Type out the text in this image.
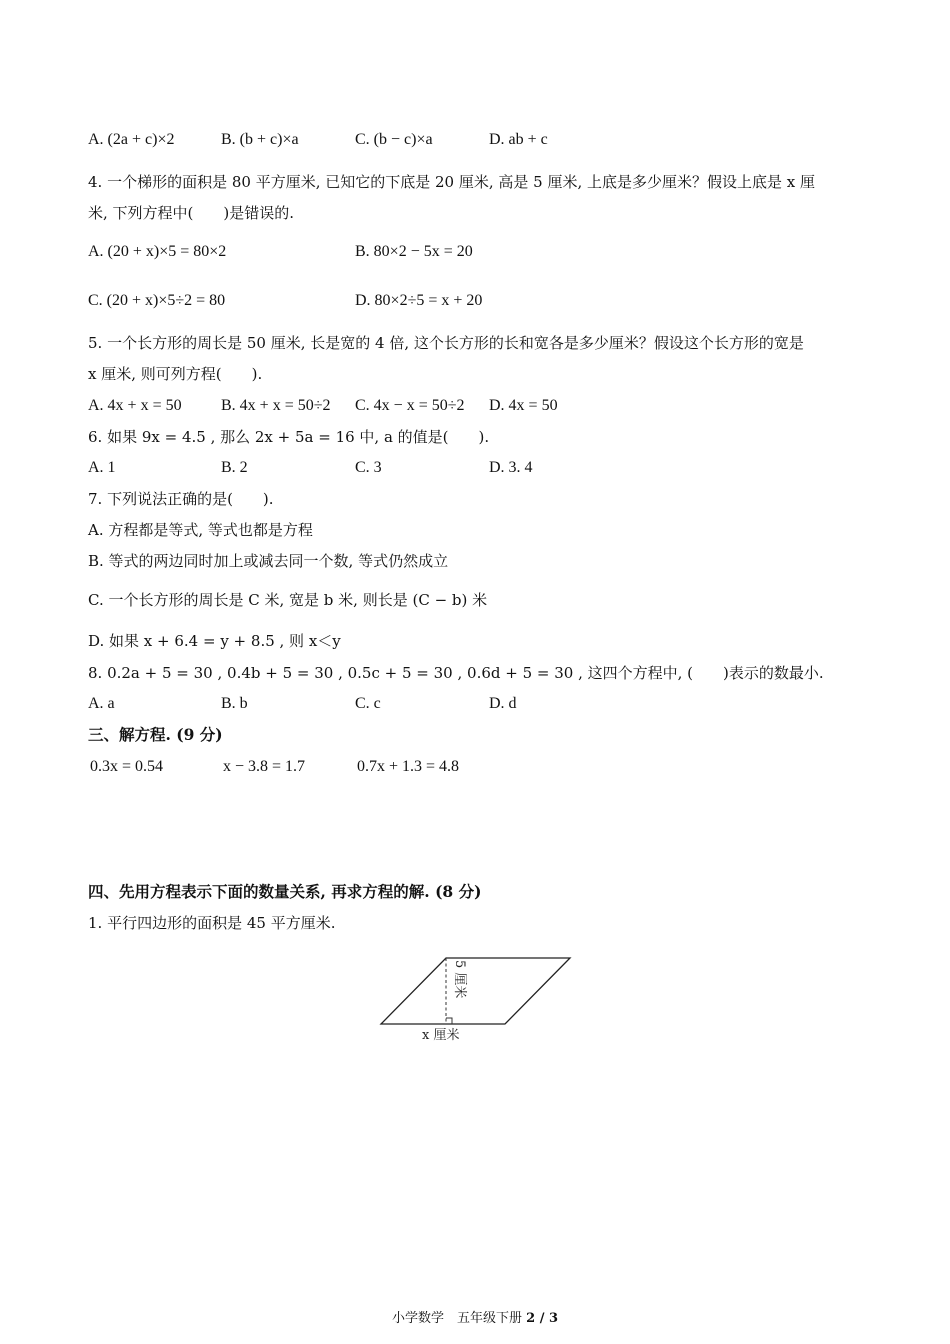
A. (2a + c)×2	B. (b + c)×a	C. (b − c)×a	D. ab + c
4. 一个梯形的面积是 80 平方厘米, 已知它的下底是 20 厘米, 高是 5 厘米, 上底是多少厘米？假设上底是 x 厘
米, 下列方程中(　　)是错误的.
A. (20 + x)×5 = 80×2	B. 80×2 − 5x = 20
C. (20 + x)×5÷2 = 80	D. 80×2÷5 = x + 20
5. 一个长方形的周长是 50 厘米, 长是宽的 4 倍, 这个长方形的长和宽各是多少厘米？假设这个长方形的宽是
x 厘米, 则可列方程(　　).
A. 4x + x = 50 B. 4x + x = 50÷2 C. 4x − x = 50÷2 D. 4x = 50
6. 如果 9x = 4.5 , 那么 2x + 5a = 16 中, a 的值是(　　).
A. 1	B. 2	C. 3	D. 3. 4
7. 下列说法正确的是(　　).
A. 方程都是等式, 等式也都是方程
B. 等式的两边同时加上或减去同一个数, 等式仍然成立
C. 一个长方形的周长是 C 米, 宽是 b 米, 则长是 (C − b) 米
D. 如果 x + 6.4 = y + 8.5 , 则 x＜y
8. 0.2a + 5 = 30 , 0.4b + 5 = 30 , 0.5c + 5 = 30 , 0.6d + 5 = 30 , 这四个方程中, (　　)表示的数最小.
A. a	B. b	C. c	D. d
三、解方程. (9 分)
0.3x = 0.54	x − 3.8 = 1.7	0.7x + 1.3 = 4.8
四、先用方程表示下面的数量关系, 再求方程的解. (8 分)
1. 平行四边形的面积是 45 平方厘米.
5 厘米
x 厘米
小学数学　五年级下册 2 / 3
